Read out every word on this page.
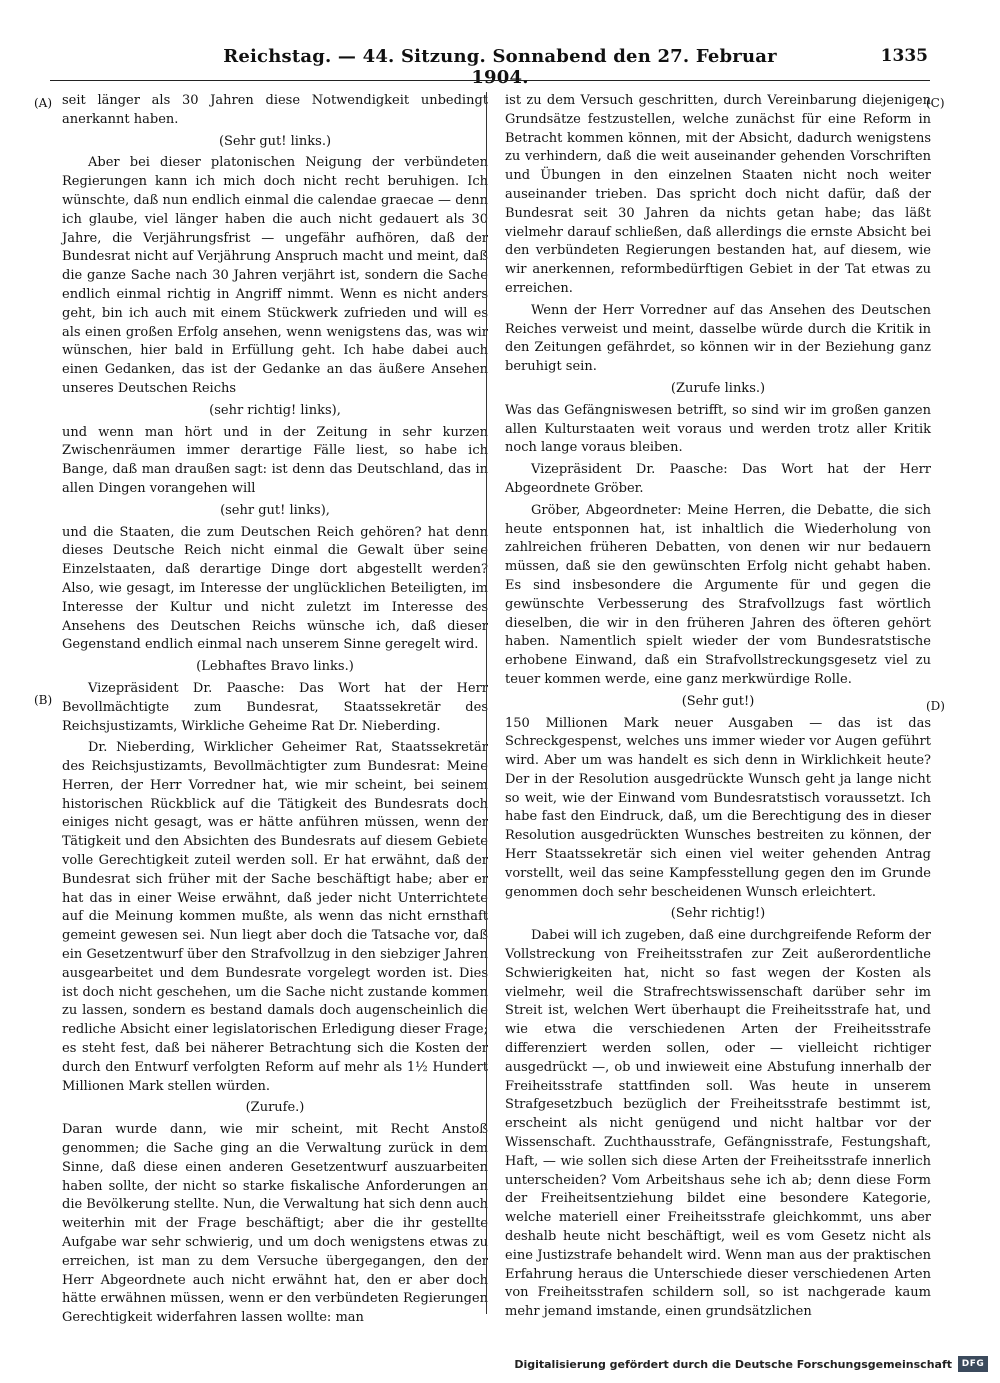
Reichstag. — 44. Sitzung. Sonnabend den 27. Februar 1904.
1335
(A)
(B)
(C)
(D)

seit länger als 30 Jahren diese Notwendigkeit unbedingt anerkannt haben.

(Sehr gut! links.)

Aber bei dieser platonischen Neigung der verbündeten Regierungen kann ich mich doch nicht recht beruhigen. Ich wünschte, daß nun endlich einmal die calendae graecae — denn ich glaube, viel länger haben die auch nicht gedauert als 30 Jahre, die Verjährungsfrist — ungefähr aufhören, daß der Bundesrat nicht auf Verjährung Anspruch macht und meint, daß die ganze Sache nach 30 Jahren verjährt ist, sondern die Sache endlich einmal richtig in Angriff nimmt. Wenn es nicht anders geht, bin ich auch mit einem Stückwerk zufrieden und will es als einen großen Erfolg ansehen, wenn wenigstens das, was wir wünschen, hier bald in Erfüllung geht. Ich habe dabei auch einen Gedanken, das ist der Gedanke an das äußere Ansehen unseres Deutschen Reichs

(sehr richtig! links),

und wenn man hört und in der Zeitung in sehr kurzen Zwischenräumen immer derartige Fälle liest, so habe ich Bange, daß man draußen sagt: ist denn das Deutschland, das in allen Dingen vorangehen will

(sehr gut! links),

und die Staaten, die zum Deutschen Reich gehören? hat denn dieses Deutsche Reich nicht einmal die Gewalt über seine Einzelstaaten, daß derartige Dinge dort abgestellt werden? Also, wie gesagt, im Interesse der unglücklichen Beteiligten, im Interesse der Kultur und nicht zuletzt im Interesse des Ansehens des Deutschen Reichs wünsche ich, daß dieser Gegenstand endlich einmal nach unserem Sinne geregelt wird.

(Lebhaftes Bravo links.)

Vizepräsident Dr. Paasche: Das Wort hat der Herr Bevollmächtigte zum Bundesrat, Staatssekretär des Reichsjustizamts, Wirkliche Geheime Rat Dr. Nieberding.

Dr. Nieberding, Wirklicher Geheimer Rat, Staatssekretär des Reichsjustizamts, Bevollmächtigter zum Bundesrat: Meine Herren, der Herr Vorredner hat, wie mir scheint, bei seinem historischen Rückblick auf die Tätigkeit des Bundesrats doch einiges nicht gesagt, was er hätte anführen müssen, wenn der Tätigkeit und den Absichten des Bundesrats auf diesem Gebiete volle Gerechtigkeit zuteil werden soll. Er hat erwähnt, daß der Bundesrat sich früher mit der Sache beschäftigt habe; aber er hat das in einer Weise erwähnt, daß jeder nicht Unterrichtete auf die Meinung kommen mußte, als wenn das nicht ernsthaft gemeint gewesen sei. Nun liegt aber doch die Tatsache vor, daß ein Gesetzentwurf über den Strafvollzug in den siebziger Jahren ausgearbeitet und dem Bundesrate vorgelegt worden ist. Dies ist doch nicht geschehen, um die Sache nicht zustande kommen zu lassen, sondern es bestand damals doch augenscheinlich die redliche Absicht einer legislatorischen Erledigung dieser Frage; es steht fest, daß bei näherer Betrachtung sich die Kosten der durch den Entwurf verfolgten Reform auf mehr als 1½ Hundert Millionen Mark stellen würden.

(Zurufe.)

Daran wurde dann, wie mir scheint, mit Recht Anstoß genommen; die Sache ging an die Verwaltung zurück in dem Sinne, daß diese einen anderen Gesetzentwurf auszuarbeiten haben sollte, der nicht so starke fiskalische Anforderungen an die Bevölkerung stellte. Nun, die Verwaltung hat sich denn auch weiterhin mit der Frage beschäftigt; aber die ihr gestellte Aufgabe war sehr schwierig, und um doch wenigstens etwas zu erreichen, ist man zu dem Versuche übergegangen, den der Herr Abgeordnete auch nicht erwähnt hat, den er aber doch hätte erwähnen müssen, wenn er den verbündeten Regierungen Gerechtigkeit widerfahren lassen wollte: man

ist zu dem Versuch geschritten, durch Vereinbarung diejenigen Grundsätze festzustellen, welche zunächst für eine Reform in Betracht kommen können, mit der Absicht, dadurch wenigstens zu verhindern, daß die weit auseinander gehenden Vorschriften und Übungen in den einzelnen Staaten nicht noch weiter auseinander trieben. Das spricht doch nicht dafür, daß der Bundesrat seit 30 Jahren da nichts getan habe; das läßt vielmehr darauf schließen, daß allerdings die ernste Absicht bei den verbündeten Regierungen bestanden hat, auf diesem, wie wir anerkennen, reformbedürftigen Gebiet in der Tat etwas zu erreichen.

Wenn der Herr Vorredner auf das Ansehen des Deutschen Reiches verweist und meint, dasselbe würde durch die Kritik in den Zeitungen gefährdet, so können wir in der Beziehung ganz beruhigt sein.

(Zurufe links.)

Was das Gefängniswesen betrifft, so sind wir im großen ganzen allen Kulturstaaten weit voraus und werden trotz aller Kritik noch lange voraus bleiben.

Vizepräsident Dr. Paasche: Das Wort hat der Herr Abgeordnete Gröber.

Gröber, Abgeordneter: Meine Herren, die Debatte, die sich heute entsponnen hat, ist inhaltlich die Wiederholung von zahlreichen früheren Debatten, von denen wir nur bedauern müssen, daß sie den gewünschten Erfolg nicht gehabt haben. Es sind insbesondere die Argumente für und gegen die gewünschte Verbesserung des Strafvollzugs fast wörtlich dieselben, die wir in den früheren Jahren des öfteren gehört haben. Namentlich spielt wieder der vom Bundesratstische erhobene Einwand, daß ein Strafvollstreckungsgesetz viel zu teuer kommen werde, eine ganz merkwürdige Rolle.

(Sehr gut!)

150 Millionen Mark neuer Ausgaben — das ist das Schreckgespenst, welches uns immer wieder vor Augen geführt wird. Aber um was handelt es sich denn in Wirklichkeit heute? Der in der Resolution ausgedrückte Wunsch geht ja lange nicht so weit, wie der Einwand vom Bundesratstisch voraussetzt. Ich habe fast den Eindruck, daß, um die Berechtigung des in dieser Resolution ausgedrückten Wunsches bestreiten zu können, der Herr Staatssekretär sich einen viel weiter gehenden Antrag vorstellt, weil das seine Kampfesstellung gegen den im Grunde genommen doch sehr bescheidenen Wunsch erleichtert.

(Sehr richtig!)

Dabei will ich zugeben, daß eine durchgreifende Reform der Vollstreckung von Freiheitsstrafen zur Zeit außerordentliche Schwierigkeiten hat, nicht so fast wegen der Kosten als vielmehr, weil die Strafrechtswissenschaft darüber sehr im Streit ist, welchen Wert überhaupt die Freiheitsstrafe hat, und wie etwa die verschiedenen Arten der Freiheitsstrafe differenziert werden sollen, oder — vielleicht richtiger ausgedrückt —, ob und inwieweit eine Abstufung innerhalb der Freiheitsstrafe stattfinden soll. Was heute in unserem Strafgesetzbuch bezüglich der Freiheitsstrafe bestimmt ist, erscheint als nicht genügend und nicht haltbar vor der Wissenschaft. Zuchthausstrafe, Gefängnisstrafe, Festungshaft, Haft, — wie sollen sich diese Arten der Freiheitsstrafe innerlich unterscheiden? Vom Arbeitshaus sehe ich ab; denn diese Form der Freiheitsentziehung bildet eine besondere Kategorie, welche materiell einer Freiheitsstrafe gleichkommt, uns aber deshalb heute nicht beschäftigt, weil es vom Gesetz nicht als eine Justizstrafe behandelt wird. Wenn man aus der praktischen Erfahrung heraus die Unterschiede dieser verschiedenen Arten von Freiheitsstrafen schildern soll, so ist nachgerade kaum mehr jemand imstande, einen grundsätzlichen

Digitalisierung gefördert durch die Deutsche Forschungsgemeinschaft	DFG
